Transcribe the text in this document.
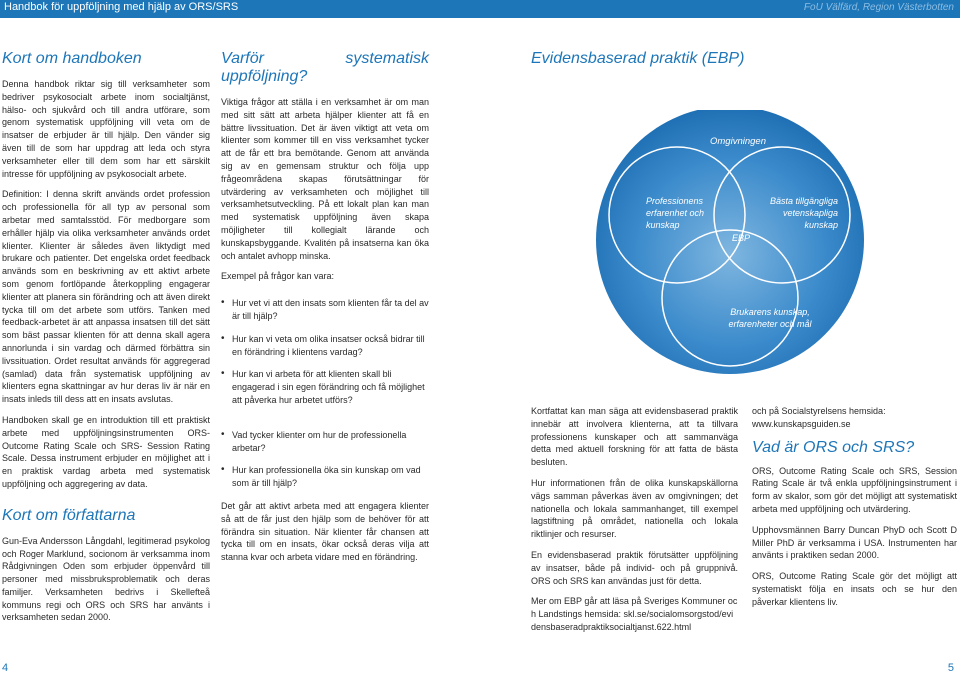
Handbok för uppföljning med hjälp av ORS/SRS	FoU Välfärd, Region Västerbotten
Kort om handboken

Denna handbok riktar sig till verksamheter som bedriver psykosocialt arbete inom socialtjänst, hälso- och sjukvård och till andra utförare, som genom systematisk uppföljning vill veta om de insatser de erbjuder är till hjälp. Den vänder sig även till de som har uppdrag att leda och styra verksamheter eller till dem som har ett särskilt intresse för uppföljning av psykosocialt arbete.

Definition: I denna skrift används ordet profession och professionella för all typ av personal som arbetar med samtalsstöd. För medborgare som erhåller hjälp via olika verksamheter används ordet klienter. Klienter är således även liktydigt med brukare och patienter. Det engelska ordet feedback används som en beskrivning av ett aktivt arbete som genom fortlöpande återkoppling engagerar klienter att planera sin förändring och att även direkt tycka till om det arbete som utförs. Tanken med feedback-arbetet är att anpassa insatsen till det sätt som bäst passar klienten för att denna skall agera annorlunda i sin vardag och därmed förbättra sin livssituation. Ordet resultat används för aggregerad (samlad) data från systematisk uppföljning av klienters egna skattningar av hur deras liv är när en insats inleds till dess att en insats avslutas.

Handboken skall ge en introduktion till ett praktiskt arbete med uppföljningsinstrumenten ORS- Outcome Rating Scale och SRS- Session Rating Scale. Dessa instrument erbjuder en möjlighet att i en praktisk vardag arbeta med systematisk uppföljning och aggregering av data.

Kort om författarna

Gun-Eva Andersson Långdahl, legitimerad psykolog och Roger Marklund, socionom är verksamma inom Rådgivningen Oden som erbjuder öppenvård till personer med missbruksproblematik och deras familjer. Verksamheten bedrivs i Skellefteå kommuns regi och ORS och SRS har använts i verksamheten sedan 2000.

Varför systematisk uppföljning?

Viktiga frågor att ställa i en verksamhet är om man med sitt sätt att arbeta hjälper klienter att få en bättre livssituation. Det är även viktigt att veta om klienter som kommer till en viss verksamhet tycker att de får ett bra bemötande. Genom att använda sig av en gemensam struktur och följa upp frågeområdena skapas förutsättningar för utvärdering av verksamheten och möjlighet till verksamhetsutveckling. På ett lokalt plan kan man med systematisk uppföljning även skapa möjligheter till kollegialt lärande och kunskapsbyggande. Kvalitén på insatserna kan öka och antalet avhopp minska.

Exempel på frågor kan vara:

• Hur vet vi att den insats som klienten får ta del av är till hjälp?
• Hur kan vi veta om olika insatser också bidrar till en förändring i klientens vardag?
• Hur kan vi arbeta för att klienten skall bli engagerad i sin egen förändring och få möjlighet att påverka hur arbetet utförs?
• Vad tycker klienter om hur de professionella arbetar?
• Hur kan professionella öka sin kunskap om vad som är till hjälp?

Det går att aktivt arbeta med att engagera klienter så att de får just den hjälp som de behöver för att förändra sin situation. När klienter får chansen att tycka till om en insats, ökar också deras vilja att stanna kvar och arbeta vidare med en förändring.

Evidensbaserad praktik (EBP)
Omgivningen
Professionens
erfarenhet och
kunskap
Bästa tillgängliga
vetenskapliga
kunskap
EBP
Brukarens kunskap,
erfarenheter och mål

Kortfattat kan man säga att evidensbaserad praktik innebär att involvera klienterna, att ta tillvara professionens kunskaper och att sammanväga detta med aktuell forskning för att fatta de bästa besluten.

Hur informationen från de olika kunskapskällorna vägs samman påverkas även av omgivningen; det nationella och lokala sammanhanget, till exempel lagstiftning på området, nationella och lokala riktlinjer och resurser.

En evidensbaserad praktik förutsätter uppföljning av insatser, både på individ- och på gruppnivå. ORS och SRS kan användas just för detta.

Mer om EBP går att läsa på Sveriges Kommuner och Landstings hemsida: skl.se/socialomsorgstod/evidensbaseradpraktiksocialtjanst.622.html

och på Socialstyrelsens hemsida: www.kunskapsguiden.se

Vad är ORS och SRS?

ORS, Outcome Rating Scale och SRS, Session Rating Scale är två enkla uppföljningsinstrument i form av skalor, som gör det möjligt att systematiskt arbeta med uppföljning och utvärdering.

Upphovsmännen Barry Duncan PhyD och Scott D Miller PhD är verksamma i USA. Instrumenten har använts i praktiken sedan 2000.

ORS, Outcome Rating Scale gör det möjligt att systematiskt följa en insats och se hur den påverkar klientens liv.

4	5
